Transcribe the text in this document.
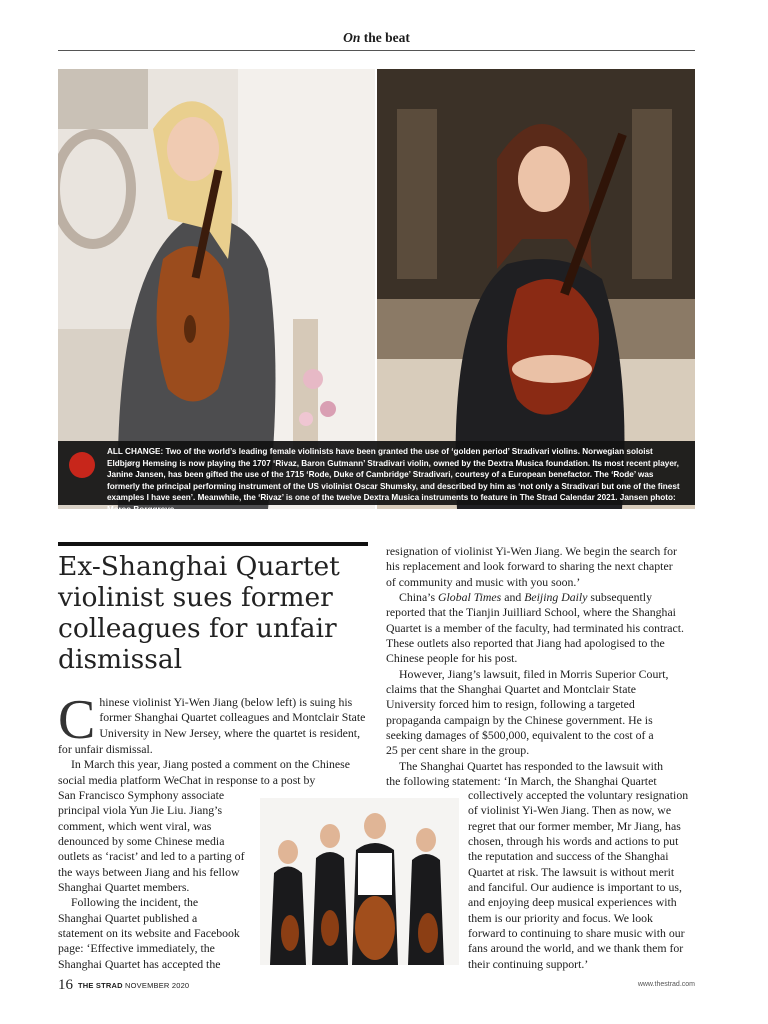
On the beat
ALL CHANGE: Two of the world’s leading female violinists have been granted the use of ‘golden period’ Stradivari violins. Norwegian soloist Eldbjørg Hemsing is now playing the 1707 ‘Rivaz, Baron Gutmann’ Stradivari violin, owned by the Dextra Musica foundation. Its most recent player, Janine Jansen, has been gifted the use of the 1715 ‘Rode, Duke of Cambridge’ Stradivari, courtesy of a European benefactor. The ‘Rode’ was formerly the principal performing instrument of the US violinist Oscar Shumsky, and described by him as ‘not only a Stradivari but one of the finest examples I have seen’. Meanwhile, the ‘Rivaz’ is one of the twelve Dextra Musica instruments to feature in The Strad Calendar 2021. Jansen photo: Marco Borggreve
Ex-Shanghai Quartet violinist sues former colleagues for unfair dismissal

C hinese violinist Yi-Wen Jiang (below left) is suing his
former Shanghai Quartet colleagues and Montclair State
University in New Jersey, where the quartet is resident,
for unfair dismissal.

In March this year, Jiang posted a comment on the Chinese
social media platform WeChat in response to a post by
San Francisco Symphony associate
principal viola Yun Jie Liu. Jiang’s
comment, which went viral, was
denounced by some Chinese media
outlets as ‘racist’ and led to a parting of
the ways between Jiang and his fellow
Shanghai Quartet members.

Following the incident, the
Shanghai Quartet published a
statement on its website and Facebook
page: ‘Effective immediately, the
Shanghai Quartet has accepted the

resignation of violinist Yi-Wen Jiang. We begin the search for
his replacement and look forward to sharing the next chapter
of community and music with you soon.’

China’s Global Times and Beijing Daily subsequently
reported that the Tianjin Juilliard School, where the Shanghai
Quartet is a member of the faculty, had terminated his contract.
These outlets also reported that Jiang had apologised to the
Chinese people for his post.

However, Jiang’s lawsuit, filed in Morris Superior Court,
claims that the Shanghai Quartet and Montclair State
University forced him to resign, following a targeted
propaganda campaign by the Chinese government. He is
seeking damages of $500,000, equivalent to the cost of a
25 per cent share in the group.

The Shanghai Quartet has responded to the lawsuit with
the following statement: ‘In March, the Shanghai Quartet

collectively accepted the voluntary resignation
of violinist Yi-Wen Jiang. Then as now, we
regret that our former member, Mr Jiang, has
chosen, through his words and actions to put
the reputation and success of the Shanghai
Quartet at risk. The lawsuit is without merit
and fanciful. Our audience is important to us,
and enjoying deep musical experiences with
them is our priority and focus. We look
forward to continuing to share music with our
fans around the world, and we thank them for
their continuing support.’

16 THE STRAD NOVEMBER 2020	www.thestrad.com
